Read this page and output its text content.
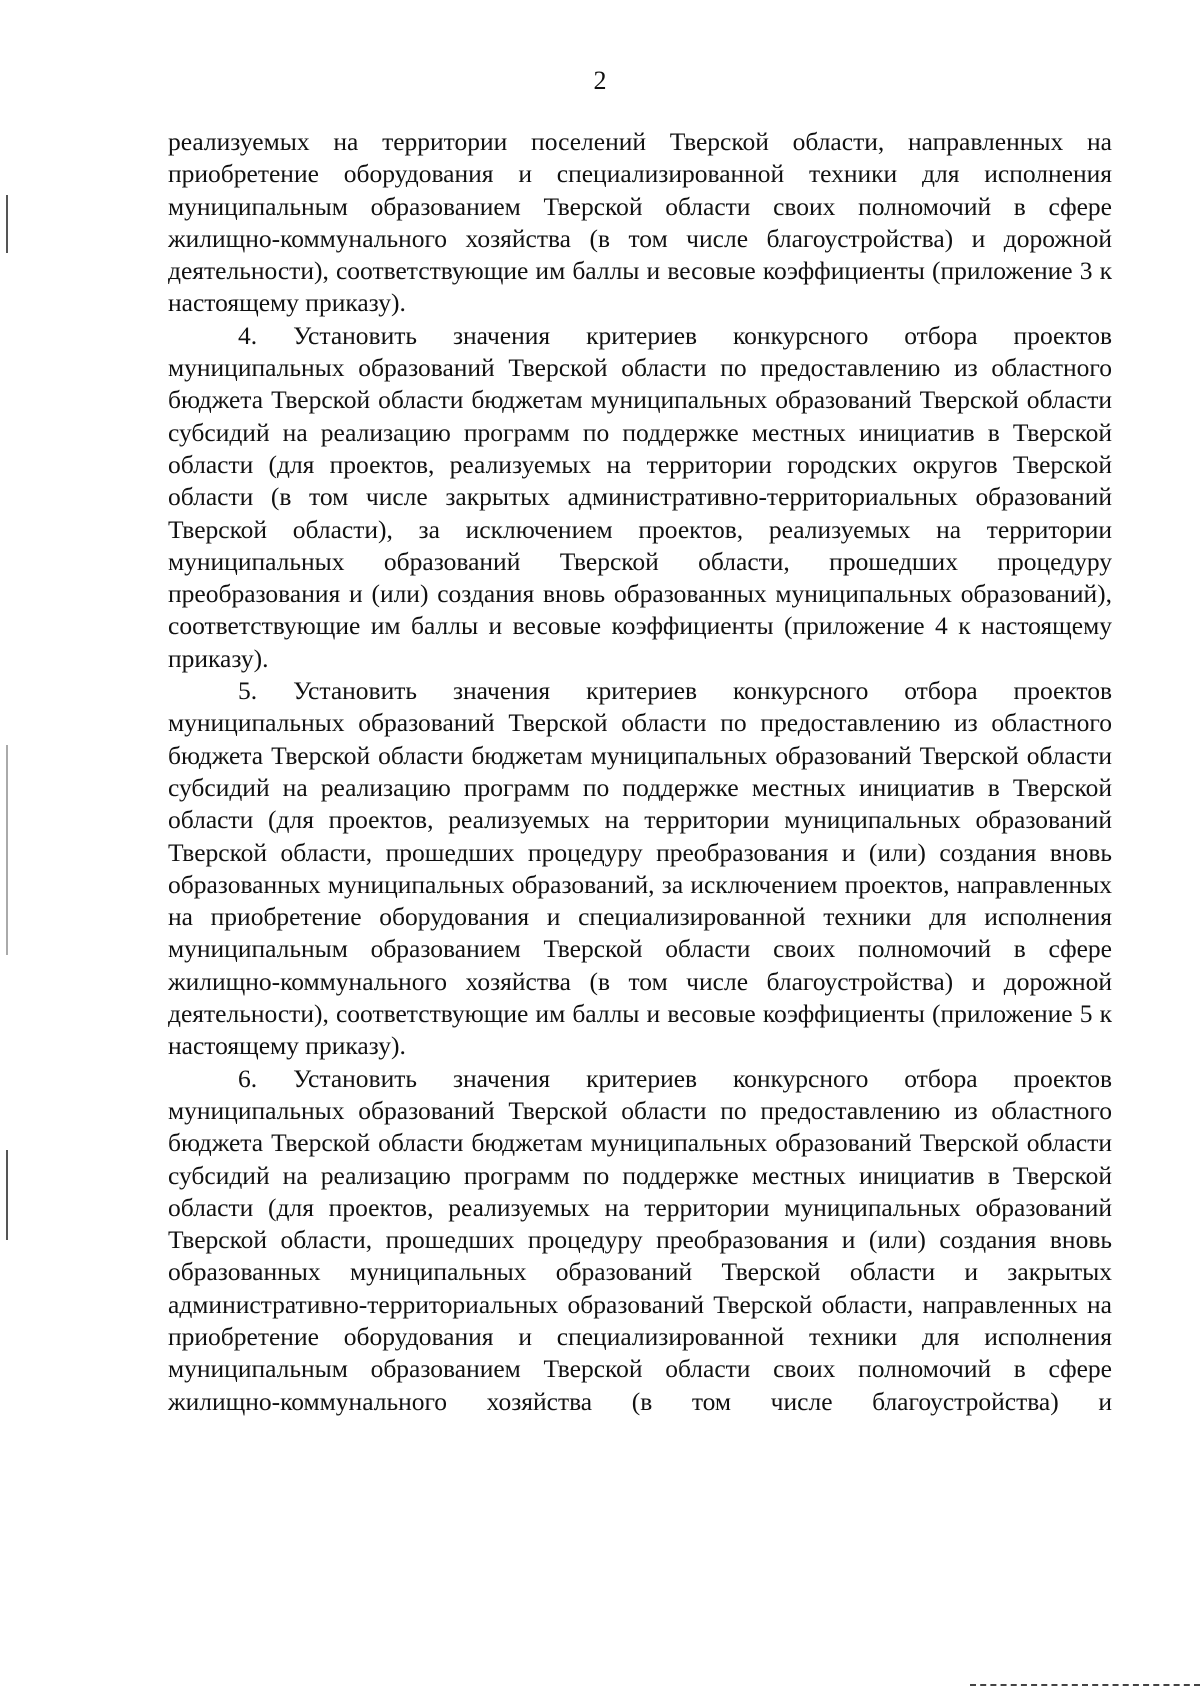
2

реализуемых на территории поселений Тверской области, направленных на приобретение оборудования и специализированной техники для исполнения муниципальным образованием Тверской области своих полномочий в сфере жилищно-коммунального хозяйства (в том числе благоустройства) и дорожной деятельности), соответствующие им баллы и весовые коэффициенты (приложение 3 к настоящему приказу).

4. Установить значения критериев конкурсного отбора проектов муниципальных образований Тверской области по предоставлению из областного бюджета Тверской области бюджетам муниципальных образований Тверской области субсидий на реализацию программ по поддержке местных инициатив в Тверской области (для проектов, реализуемых на территории городских округов Тверской области (в том числе закрытых административно-территориальных образований Тверской области), за исключением проектов, реализуемых на территории муниципальных образований Тверской области, прошедших процедуру преобразования и (или) создания вновь образованных муниципальных образований), соответствующие им баллы и весовые коэффициенты (приложение 4 к настоящему приказу).

5. Установить значения критериев конкурсного отбора проектов муниципальных образований Тверской области по предоставлению из областного бюджета Тверской области бюджетам муниципальных образований Тверской области субсидий на реализацию программ по поддержке местных инициатив в Тверской области (для проектов, реализуемых на территории муниципальных образований Тверской области, прошедших процедуру преобразования и (или) создания вновь образованных муниципальных образований, за исключением проектов, направленных на приобретение оборудования и специализированной техники для исполнения муниципальным образованием Тверской области своих полномочий в сфере жилищно-коммунального хозяйства (в том числе благоустройства) и дорожной деятельности), соответствующие им баллы и весовые коэффициенты (приложение 5 к настоящему приказу).

6. Установить значения критериев конкурсного отбора проектов муниципальных образований Тверской области по предоставлению из областного бюджета Тверской области бюджетам муниципальных образований Тверской области субсидий на реализацию программ по поддержке местных инициатив в Тверской области (для проектов, реализуемых на территории муниципальных образований Тверской области, прошедших процедуру преобразования и (или) создания вновь образованных муниципальных образований Тверской области и закрытых административно-территориальных образований Тверской области, направленных на приобретение оборудования и специализированной техники для исполнения муниципальным образованием Тверской области своих полномочий в сфере жилищно-коммунального хозяйства (в том числе благоустройства) и
